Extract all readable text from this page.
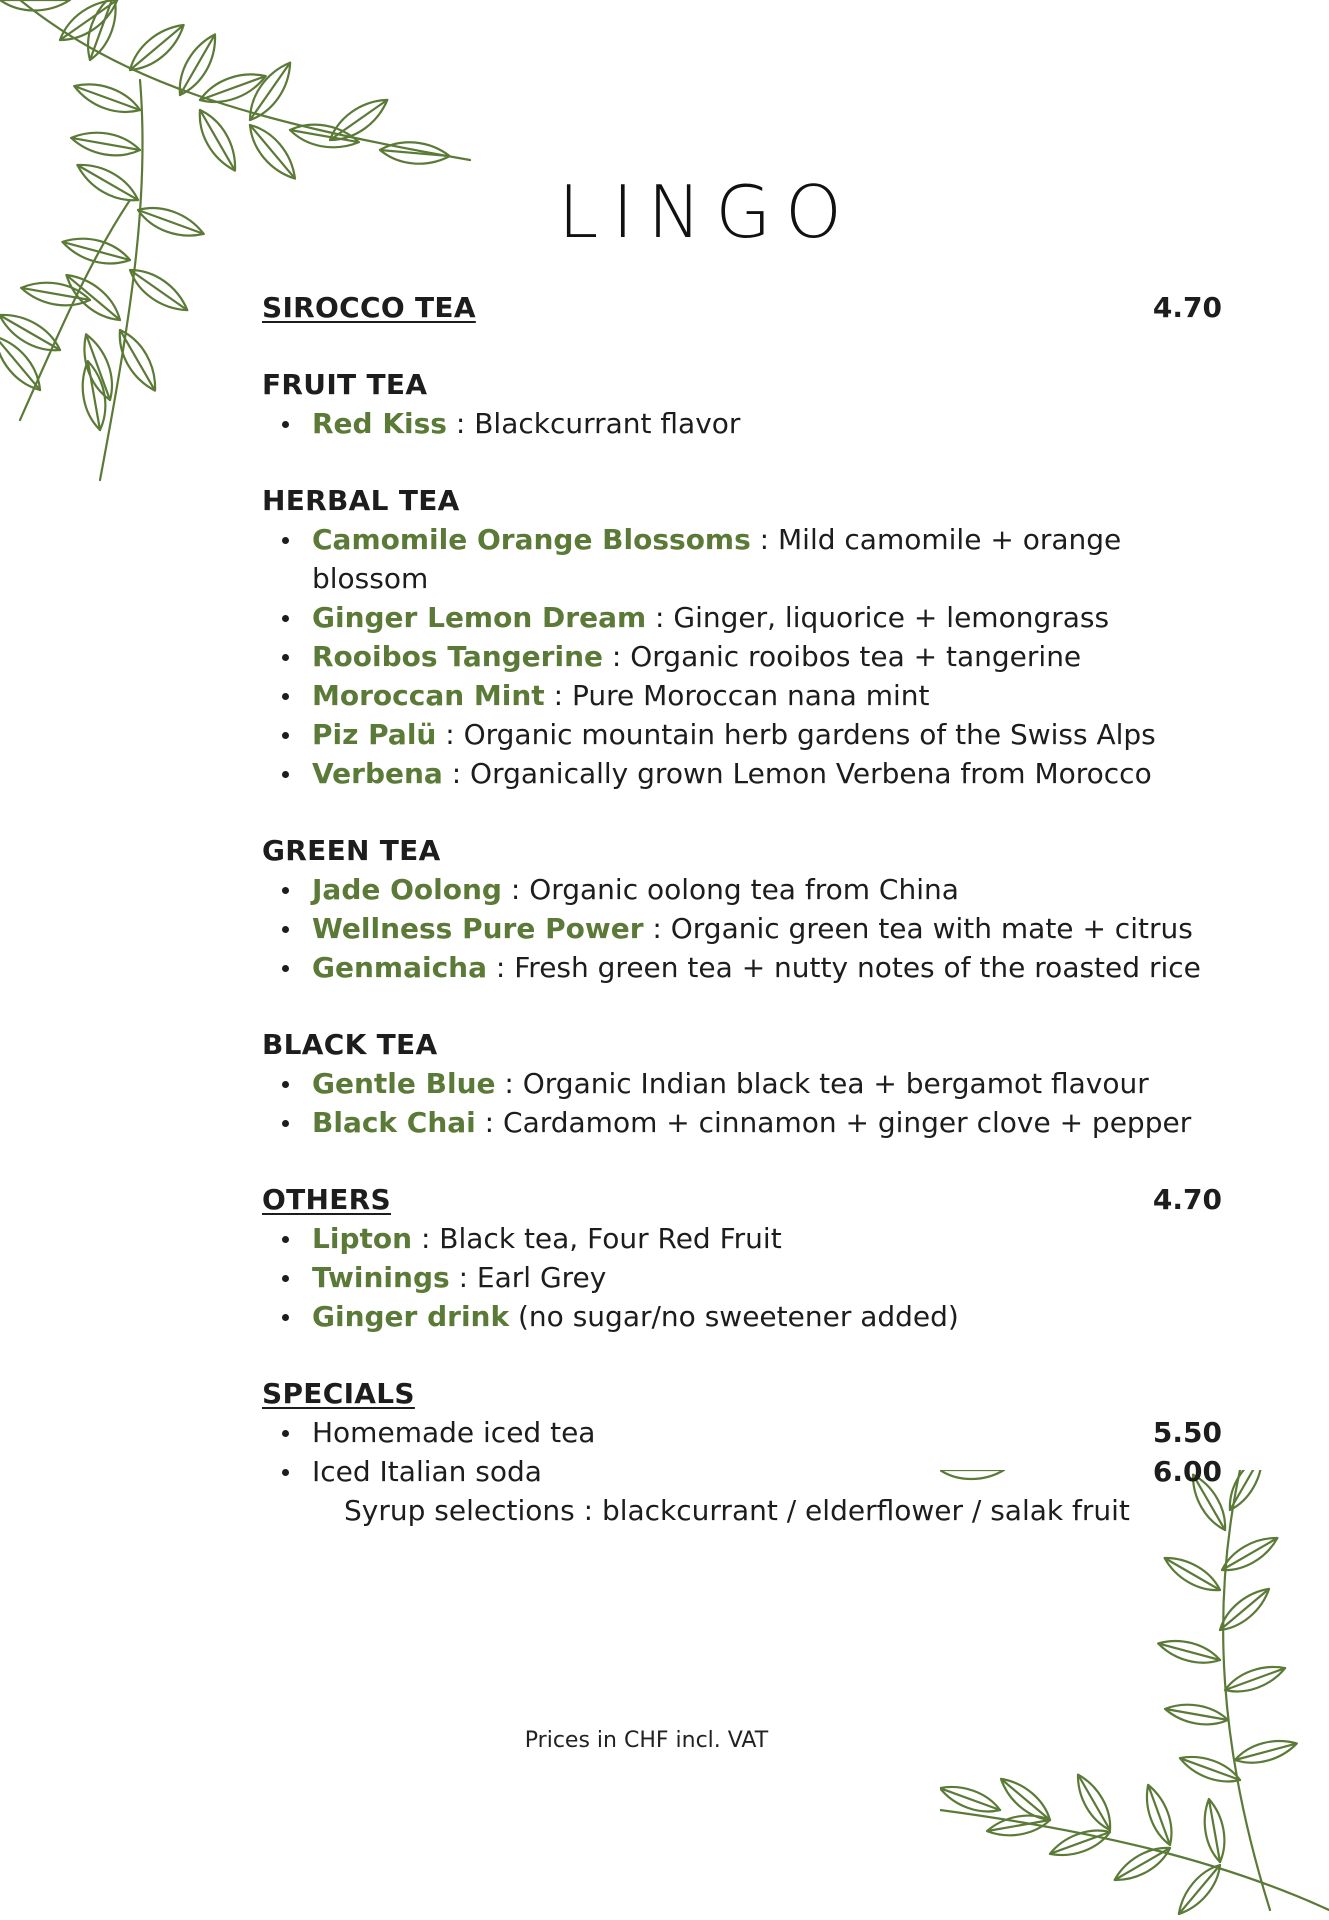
LINGO
SIROCCO TEA	4.70
FRUIT TEA
Red Kiss : Blackcurrant flavor
HERBAL TEA
Camomile Orange Blossoms : Mild camomile + orange blossom
Ginger Lemon Dream : Ginger, liquorice + lemongrass
Rooibos Tangerine : Organic rooibos tea + tangerine
Moroccan Mint : Pure Moroccan nana mint
Piz Palü : Organic mountain herb gardens of the Swiss Alps
Verbena : Organically grown Lemon Verbena from Morocco
GREEN TEA
Jade Oolong : Organic oolong tea from China
Wellness Pure Power : Organic green tea with mate + citrus
Genmaicha : Fresh green tea + nutty notes of the roasted rice
BLACK TEA
Gentle Blue : Organic Indian black tea + bergamot flavour
Black Chai : Cardamom + cinnamon + ginger clove + pepper
OTHERS	4.70
Lipton : Black tea, Four Red Fruit
Twinings : Earl Grey
Ginger drink (no sugar/no sweetener added)
SPECIALS
Homemade iced tea	5.50
Iced Italian soda	6.00
Syrup selections : blackcurrant / elderflower / salak fruit
Prices in CHF incl. VAT
